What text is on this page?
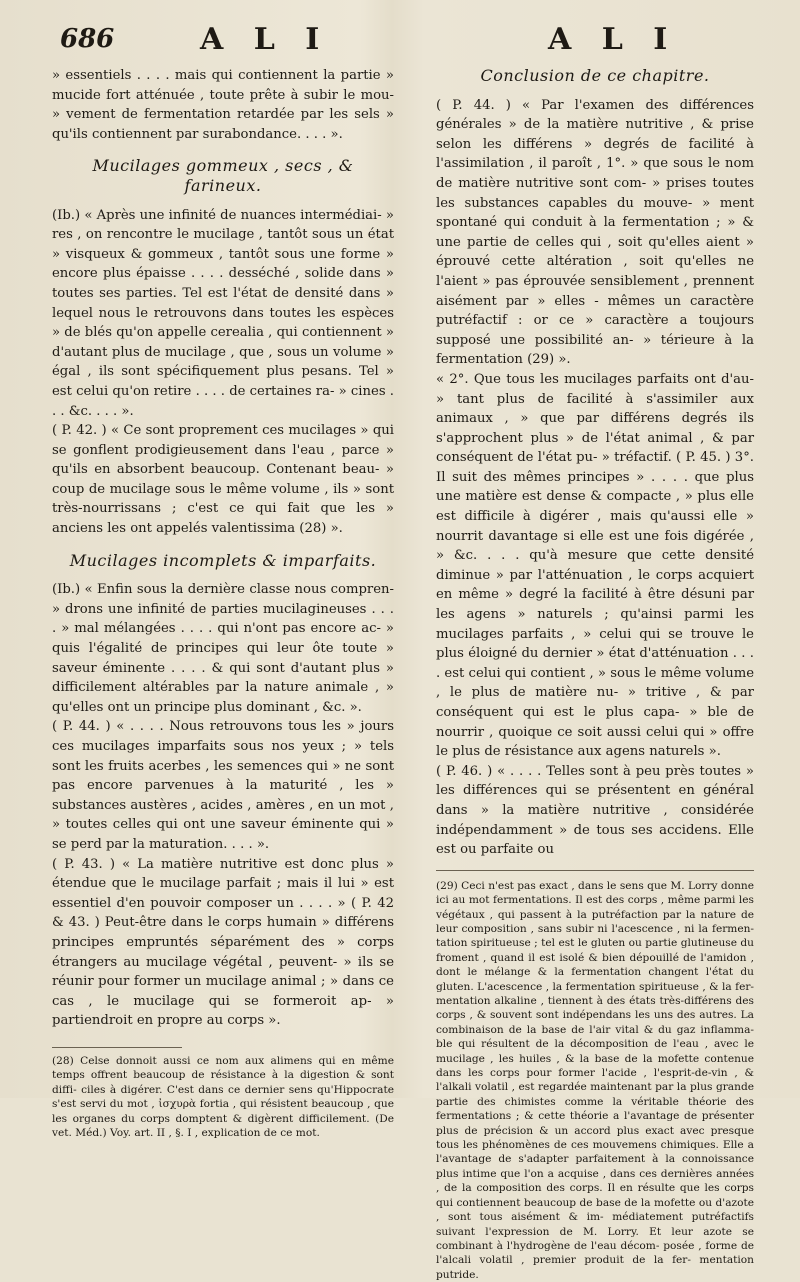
686	A L I	A L I

» essentiels . . . . mais qui contiennent la partie » mucide fort atténuée , toute prête à subir le mou- » vement de fermentation retardée par les sels » qu'ils contiennent par surabondance. . . . ».

Mucilages gommeux , secs , & farineux.

(Ib.) « Après une infinité de nuances intermédiai- » res , on rencontre le mucilage , tantôt sous un état » visqueux & gommeux , tantôt sous une forme » encore plus épaisse . . . . desséché , solide dans » toutes ses parties. Tel est l'état de densité dans » lequel nous le retrouvons dans toutes les espèces » de blés qu'on appelle cerealia , qui contiennent » d'autant plus de mucilage , que , sous un volume » égal , ils sont spécifiquement plus pesans. Tel » est celui qu'on retire . . . . de certaines ra- » cines . . . &c. . . . ».

( P. 42. ) « Ce sont proprement ces mucilages » qui se gonflent prodigieusement dans l'eau , parce » qu'ils en absorbent beaucoup. Contenant beau- » coup de mucilage sous le même volume , ils » sont très-nourrissans ; c'est ce qui fait que les » anciens les ont appelés valentissima (28) ».

Mucilages incomplets & imparfaits.

(Ib.) « Enfin sous la dernière classe nous compren- » drons une infinité de parties mucilagineuses . . . . » mal mélangées . . . . qui n'ont pas encore ac- » quis l'égalité de principes qui leur ôte toute » saveur éminente . . . . & qui sont d'autant plus » difficilement altérables par la nature animale , » qu'elles ont un principe plus dominant , &c. ».

( P. 44. ) « . . . . Nous retrouvons tous les » jours ces mucilages imparfaits sous nos yeux ; » tels sont les fruits acerbes , les semences qui » ne sont pas encore parvenues à la maturité , les » substances austères , acides , amères , en un mot , » toutes celles qui ont une saveur éminente qui » se perd par la maturation. . . . ».

( P. 43. ) « La matière nutritive est donc plus » étendue que le mucilage parfait ; mais il lui » est essentiel d'en pouvoir composer un . . . . » ( P. 42 & 43. ) Peut-être dans le corps humain » différens principes empruntés séparément des » corps étrangers au mucilage végétal , peuvent- » ils se réunir pour former un mucilage animal ; » dans ce cas , le mucilage qui se formeroit ap- » partiendroit en propre au corps ».

(28) Celse donnoit aussi ce nom aux alimens qui en même temps offrent beaucoup de résistance à la digestion & sont diffi- ciles à digérer. C'est dans ce dernier sens qu'Hippocrate s'est servi du mot , ἰσχυρὰ fortia , qui résistent beaucoup , que les organes du corps domptent & digèrent difficilement. (De vet. Méd.) Voy. art. II , §. I , explication de ce mot.

Conclusion de ce chapitre.

( P. 44. ) « Par l'examen des différences générales » de la matière nutritive , & prise selon les différens » degrés de facilité à l'assimilation , il paroît , 1°. » que sous le nom de matière nutritive sont com- » prises toutes les substances capables du mouve- » ment spontané qui conduit à la fermentation ; » & une partie de celles qui , soit qu'elles aient » éprouvé cette altération , soit qu'elles ne l'aient » pas éprouvée sensiblement , prennent aisément par » elles - mêmes un caractère putréfactif : or ce » caractère a toujours supposé une possibilité an- » térieure à la fermentation (29) ».

« 2°. Que tous les mucilages parfaits ont d'au- » tant plus de facilité à s'assimiler aux animaux , » que par différens degrés ils s'approchent plus » de l'état animal , & par conséquent de l'état pu- » tréfactif. ( P. 45. ) 3°. Il suit des mêmes principes » . . . . que plus une matière est dense & compacte , » plus elle est difficile à digérer , mais qu'aussi elle » nourrit davantage si elle est une fois digérée , » &c. . . . qu'à mesure que cette densité diminue » par l'atténuation , le corps acquiert en même » degré la facilité à être désuni par les agens » naturels ; qu'ainsi parmi les mucilages parfaits , » celui qui se trouve le plus éloigné du dernier » état d'atténuation . . . . est celui qui contient , » sous le même volume , le plus de matière nu- » tritive , & par conséquent qui est le plus capa- » ble de nourrir , quoique ce soit aussi celui qui » offre le plus de résistance aux agens naturels ».

( P. 46. ) « . . . . Telles sont à peu près toutes » les différences qui se présentent en général dans » la matière nutritive , considérée indépendamment » de tous ses accidens. Elle est ou parfaite ou

(29) Ceci n'est pas exact , dans le sens que M. Lorry donne ici au mot fermentations. Il est des corps , même parmi les végétaux , qui passent à la putréfaction par la nature de leur composition , sans subir ni l'acescence , ni la fermen- tation spiritueuse ; tel est le gluten ou partie glutineuse du froment , quand il est isolé & bien dépouillé de l'amidon , dont le mélange & la fermentation changent l'état du gluten. L'acescence , la fermentation spiritueuse , & la fer- mentation alkaline , tiennent à des états très-différens des corps , & souvent sont indépendans les uns des autres. La combinaison de la base de l'air vital & du gaz inflamma- ble qui résultent de la décomposition de l'eau , avec le mucilage , les huiles , & la base de la mofette contenue dans les corps pour former l'acide , l'esprit-de-vin , & l'alkali volatil , est regardée maintenant par la plus grande partie des chimistes comme la véritable théorie des fermentations ; & cette théorie a l'avantage de présenter plus de précision & un accord plus exact avec presque tous les phénomènes de ces mouvemens chimiques. Elle a l'avantage de s'adapter parfaitement à la connoissance plus intime que l'on a acquise , dans ces dernières années , de la composition des corps. Il en résulte que les corps qui contiennent beaucoup de base de la mofette ou d'azote , sont tous aisément & im- médiatement putréfactifs suivant l'expression de M. Lorry. Et leur azote se combinant à l'hydrogène de l'eau décom- posée , forme de l'alcali volatil , premier produit de la fer- mentation putride.
